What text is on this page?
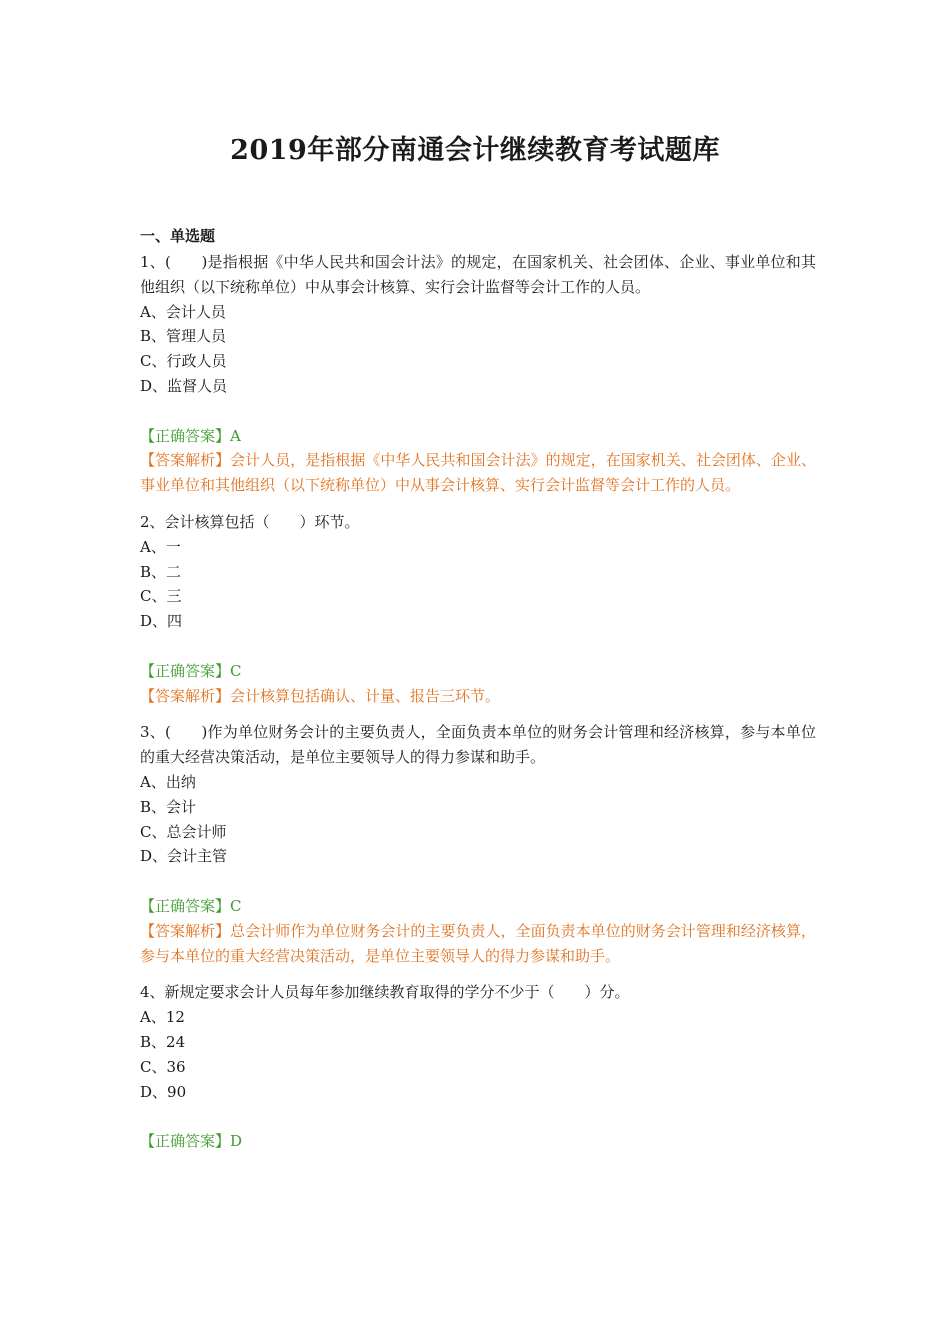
2019年部分南通会计继续教育考试题库

一、单选题

1、(　　)是指根据《中华人民共和国会计法》的规定，在国家机关、社会团体、企业、事业单位和其他组织（以下统称单位）中从事会计核算、实行会计监督等会计工作的人员。

A、会计人员

B、管理人员

C、行政人员

D、监督人员

【正确答案】A

【答案解析】会计人员，是指根据《中华人民共和国会计法》的规定，在国家机关、社会团体、企业、事业单位和其他组织（以下统称单位）中从事会计核算、实行会计监督等会计工作的人员。

2、会计核算包括（　　）环节。

A、一

B、二

C、三

D、四

【正确答案】C

【答案解析】会计核算包括确认、计量、报告三环节。

3、(　　)作为单位财务会计的主要负责人，全面负责本单位的财务会计管理和经济核算，参与本单位的重大经营决策活动，是单位主要领导人的得力参谋和助手。

A、出纳

B、会计

C、总会计师

D、会计主管

【正确答案】C

【答案解析】总会计师作为单位财务会计的主要负责人，全面负责本单位的财务会计管理和经济核算，参与本单位的重大经营决策活动，是单位主要领导人的得力参谋和助手。

4、新规定要求会计人员每年参加继续教育取得的学分不少于（　　）分。

A、12

B、24

C、36

D、90

【正确答案】D
